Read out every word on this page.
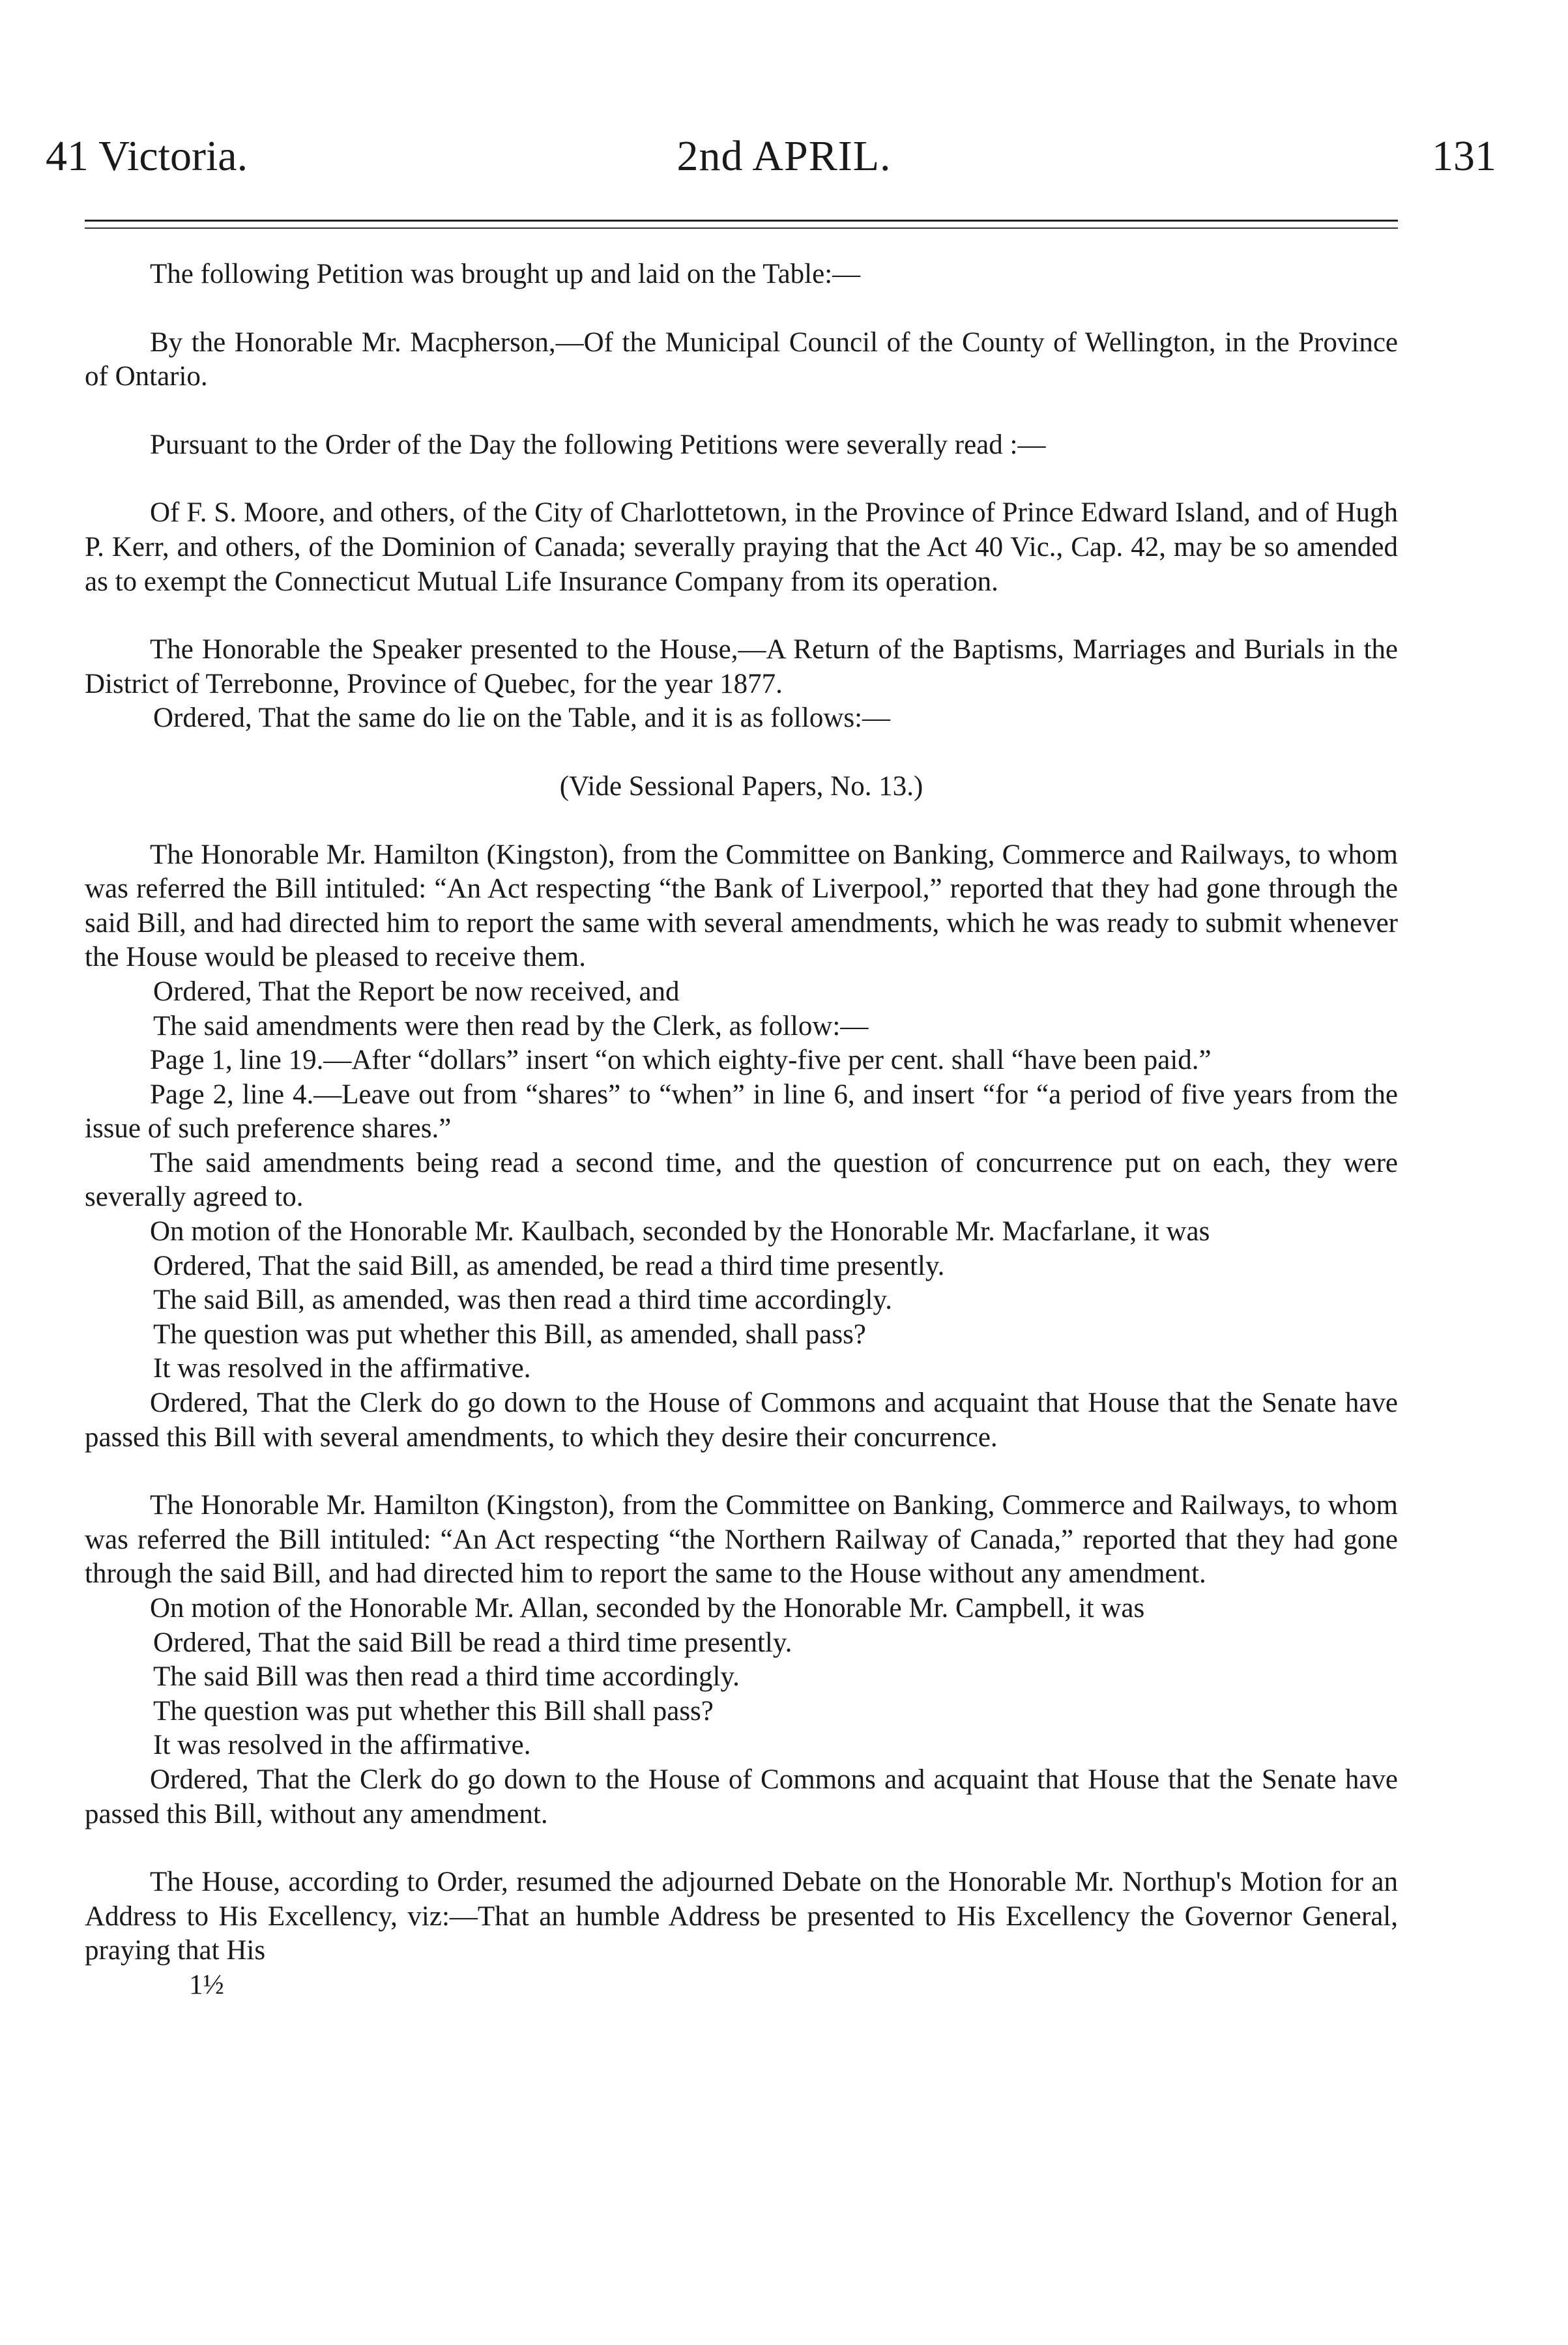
41 Victoria.	2nd APRIL.	131

The following Petition was brought up and laid on the Table:—

By the Honorable Mr. Macpherson,—Of the Municipal Council of the County of Wellington, in the Province of Ontario.

Pursuant to the Order of the Day the following Petitions were severally read :—

Of F. S. Moore, and others, of the City of Charlottetown, in the Province of Prince Edward Island, and of Hugh P. Kerr, and others, of the Dominion of Canada; severally praying that the Act 40 Vic., Cap. 42, may be so amended as to exempt the Connecticut Mutual Life Insurance Company from its operation.

The Honorable the Speaker presented to the House,—A Return of the Baptisms, Marriages and Burials in the District of Terrebonne, Province of Quebec, for the year 1877.

Ordered, That the same do lie on the Table, and it is as follows:—

(Vide Sessional Papers, No. 13.)

The Honorable Mr. Hamilton (Kingston), from the Committee on Banking, Commerce and Railways, to whom was referred the Bill intituled: “An Act respecting “the Bank of Liverpool,” reported that they had gone through the said Bill, and had directed him to report the same with several amendments, which he was ready to submit whenever the House would be pleased to receive them.

Ordered, That the Report be now received, and

The said amendments were then read by the Clerk, as follow:—

Page 1, line 19.—After “dollars” insert “on which eighty-five per cent. shall “have been paid.”

Page 2, line 4.—Leave out from “shares” to “when” in line 6, and insert “for “a period of five years from the issue of such preference shares.”

The said amendments being read a second time, and the question of concurrence put on each, they were severally agreed to.

On motion of the Honorable Mr. Kaulbach, seconded by the Honorable Mr. Macfarlane, it was

Ordered, That the said Bill, as amended, be read a third time presently.

The said Bill, as amended, was then read a third time accordingly.

The question was put whether this Bill, as amended, shall pass?

It was resolved in the affirmative.

Ordered, That the Clerk do go down to the House of Commons and acquaint that House that the Senate have passed this Bill with several amendments, to which they desire their concurrence.

The Honorable Mr. Hamilton (Kingston), from the Committee on Banking, Commerce and Railways, to whom was referred the Bill intituled: “An Act respecting “the Northern Railway of Canada,” reported that they had gone through the said Bill, and had directed him to report the same to the House without any amendment.

On motion of the Honorable Mr. Allan, seconded by the Honorable Mr. Campbell, it was

Ordered, That the said Bill be read a third time presently.

The said Bill was then read a third time accordingly.

The question was put whether this Bill shall pass?

It was resolved in the affirmative.

Ordered, That the Clerk do go down to the House of Commons and acquaint that House that the Senate have passed this Bill, without any amendment.

The House, according to Order, resumed the adjourned Debate on the Honorable Mr. Northup's Motion for an Address to His Excellency, viz:—That an humble Address be presented to His Excellency the Governor General, praying that His

1½
